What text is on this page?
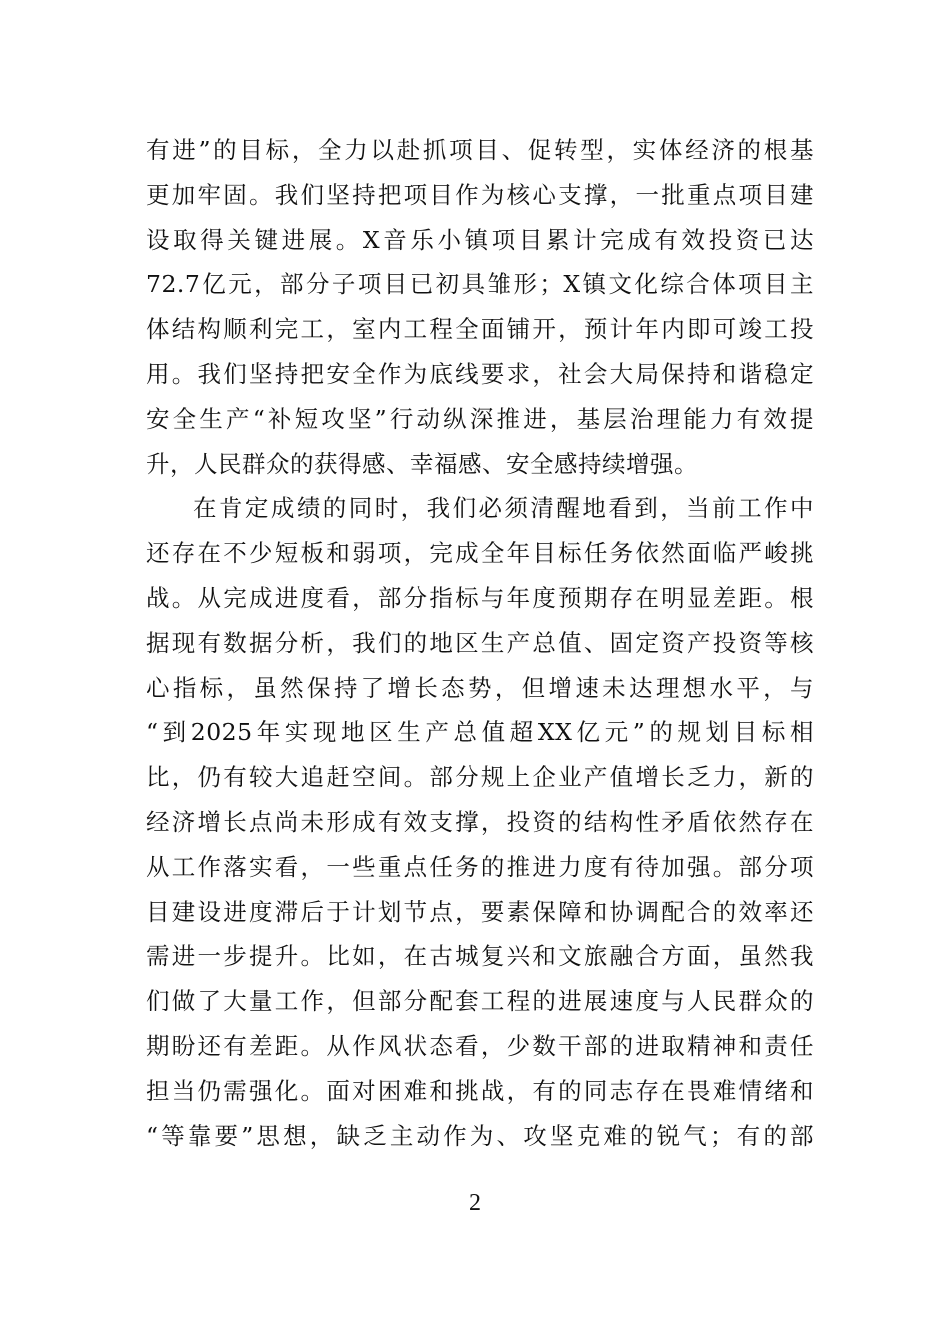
有进”的目标，全力以赴抓项目、促转型，实体经济的根基
更加牢固。我们坚持把项目作为核心支撑，一批重点项目建
设取得关键进展。X音乐小镇项目累计完成有效投资已达
72.7亿元，部分子项目已初具雏形；X镇文化综合体项目主
体结构顺利完工，室内工程全面铺开，预计年内即可竣工投
用。我们坚持把安全作为底线要求，社会大局保持和谐稳定
安全生产“补短攻坚”行动纵深推进，基层治理能力有效提
升，人民群众的获得感、幸福感、安全感持续增强。
在肯定成绩的同时，我们必须清醒地看到，当前工作中
还存在不少短板和弱项，完成全年目标任务依然面临严峻挑
战。从完成进度看，部分指标与年度预期存在明显差距。根
据现有数据分析，我们的地区生产总值、固定资产投资等核
心指标，虽然保持了增长态势，但增速未达理想水平，与
“到2025年实现地区生产总值超XX亿元”的规划目标相
比，仍有较大追赶空间。部分规上企业产值增长乏力，新的
经济增长点尚未形成有效支撑，投资的结构性矛盾依然存在
从工作落实看，一些重点任务的推进力度有待加强。部分项
目建设进度滞后于计划节点，要素保障和协调配合的效率还
需进一步提升。比如，在古城复兴和文旅融合方面，虽然我
们做了大量工作，但部分配套工程的进展速度与人民群众的
期盼还有差距。从作风状态看，少数干部的进取精神和责任
担当仍需强化。面对困难和挑战，有的同志存在畏难情绪和
“等靠要”思想，缺乏主动作为、攻坚克难的锐气；有的部
2
